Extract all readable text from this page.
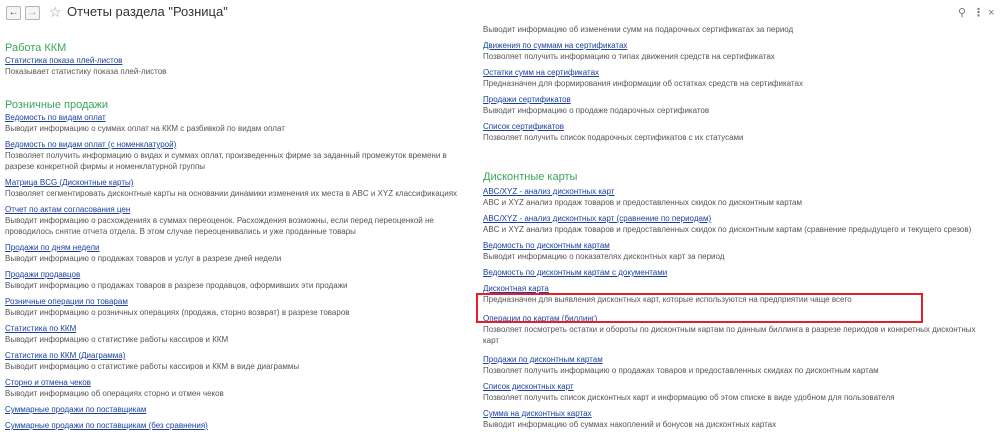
← → ☆ Отчеты раздела "Розница"	⚲ ⋮ ×
Работа ККМ
Статистика показа плей-листов
Показывает статистику показа плей-листов
Розничные продажи
Ведомость по видам оплат
Выводит информацию о суммах оплат на ККМ с разбивкой по видам оплат
Ведомость по видам оплат (с номенклатурой)
Позволяет получить информацию о видах и суммах оплат, произведенных фирме за заданный промежуток времени в разрезе конкретной фирмы и номенклатурной группы
Матрица BCG (Дисконтные карты)
Позволяет сегментировать дисконтные карты на основании динамики изменения их места в ABC и XYZ классификациях
Отчет по актам согласования цен
Выводит информацию о расхождениях в суммах переоценок. Расхождения возможны, если перед переоценкой не проводилось снятие отчета отдела. В этом случае переоценивались и уже проданные товары
Продажи по дням недели
Выводит информацию о продажах товаров и услуг в разрезе дней недели
Продажи продавцов
Выводит информацию о продажах товаров в разрезе продавцов, оформивших эти продажи
Розничные операции по товарам
Выводит информацию о розничных операциях (продажа, сторно возврат) в разрезе товаров
Статистика по ККМ
Выводит информацию о статистике работы кассиров и ККМ
Статистика по ККМ (Диаграмма)
Выводит информацию о статистике работы кассиров и ККМ в виде диаграммы
Сторно и отмена чеков
Выводит информацию об операциях сторно и отмен чеков
Суммарные продажи по поставщикам
Суммарные продажи по поставщикам (без сравнения)
Выводит информацию об изменении сумм на подарочных сертификатах за период
Движения по суммам на сертификатах
Позволяет получить информацию о типах движения средств на сертификатах
Остатки сумм на сертификатах
Предназначен для формирования информации об остатках средств на сертификатах
Продажи сертификатов
Выводит информацию о продаже подарочных сертификатов
Список сертификатов
Позволяет получить список подарочных сертификатов с их статусами
Дисконтные карты
ABC/XYZ - анализ дисконтных карт
ABC и XYZ анализ продаж товаров и предоставленных скидок по дисконтным картам
ABC/XYZ - анализ дисконтных карт (сравнение по периодам)
ABC и XYZ анализ продаж товаров и предоставленных скидок по дисконтным картам (сравнение предыдущего и текущего срезов)
Ведомость по дисконтным картам
Выводит информацию о показателях дисконтных карт за период
Ведомость по дисконтным картам с документами
Дисконтная карта
Предназначен для выявления дисконтных карт, которые используются на предприятии чаще всего
Операции по картам (биллинг)
Позволяет посмотреть остатки и обороты по дисконтным картам по данным биллинга в разрезе периодов и конкретных дисконтных карт
Продажи по дисконтным картам
Позволяет получить информацию о продажах товаров и предоставленных скидках по дисконтным картам
Список дисконтных карт
Позволяет получить список дисконтных карт и информацию об этом списке в виде удобном для пользователя
Сумма на дисконтных картах
Выводит информацию об суммах накоплений и бонусов на дисконтных картах
